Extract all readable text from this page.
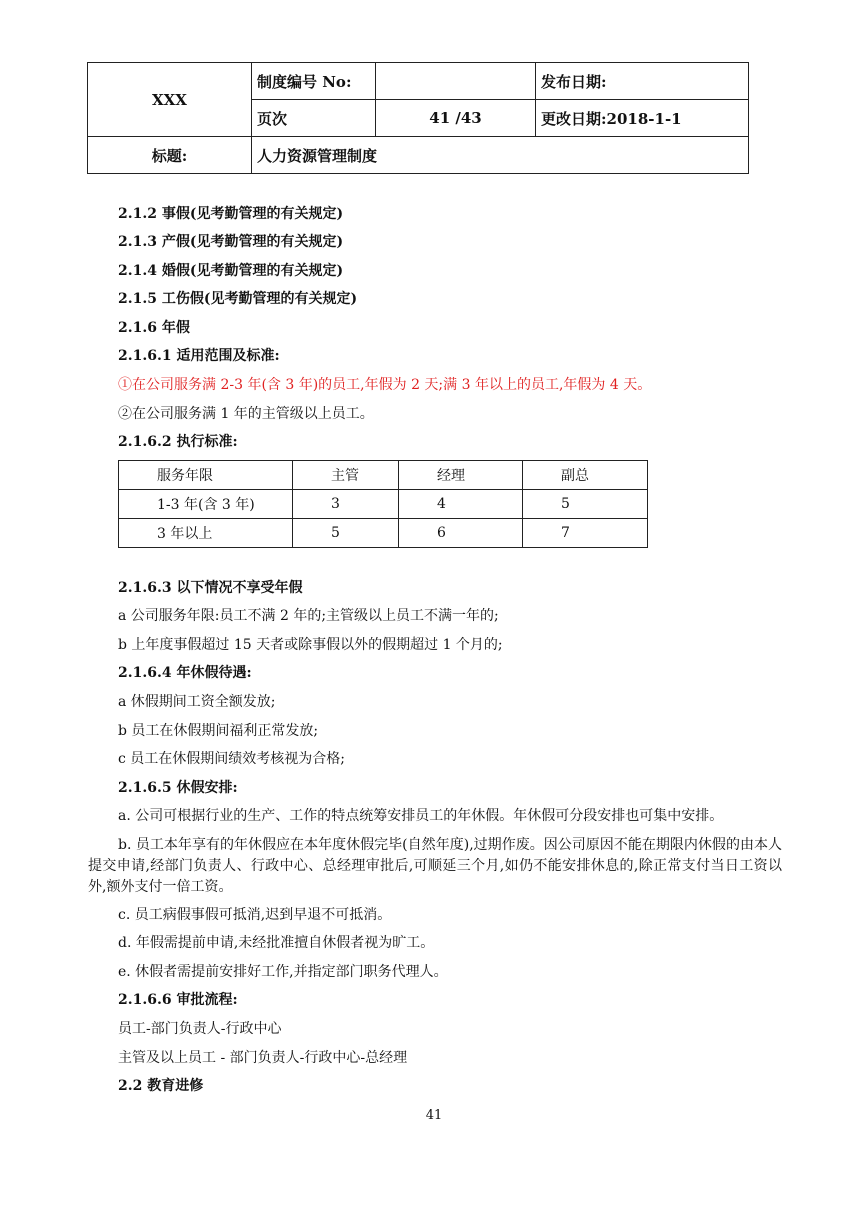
XXX	制度编号 No:		发布日期:
	页次	41 /43	更改日期:2018-1-1
标题:	人力资源管理制度		
2.1.2 事假(见考勤管理的有关规定)
2.1.3 产假(见考勤管理的有关规定)
2.1.4 婚假(见考勤管理的有关规定)
2.1.5 工伤假(见考勤管理的有关规定)
2.1.6 年假
2.1.6.1 适用范围及标准:
①在公司服务满 2-3 年(含 3 年)的员工,年假为 2 天;满 3 年以上的员工,年假为 4 天。
②在公司服务满 1 年的主管级以上员工。
2.1.6.2 执行标准:
服务年限	主管	经理	副总
1-3 年(含 3 年)	3	4	5
3 年以上	5	6	7
2.1.6.3 以下情况不享受年假
a 公司服务年限:员工不满 2 年的;主管级以上员工不满一年的;
b 上年度事假超过 15 天者或除事假以外的假期超过 1 个月的;
2.1.6.4 年休假待遇:
a 休假期间工资全额发放;
b 员工在休假期间福利正常发放;
c 员工在休假期间绩效考核视为合格;
2.1.6.5 休假安排:
a. 公司可根据行业的生产、工作的特点统筹安排员工的年休假。年休假可分段安排也可集中安排。
b. 员工本年享有的年休假应在本年度休假完毕(自然年度),过期作废。因公司原因不能在期限内休假的由本人提交申请,经部门负责人、行政中心、总经理审批后,可顺延三个月,如仍不能安排休息的,除正常支付当日工资以外,额外支付一倍工资。
c. 员工病假事假可抵消,迟到早退不可抵消。
d. 年假需提前申请,未经批准擅自休假者视为旷工。
e. 休假者需提前安排好工作,并指定部门职务代理人。
2.1.6.6 审批流程:
员工-部门负责人-行政中心
主管及以上员工 - 部门负责人-行政中心-总经理
2.2 教育进修
41
